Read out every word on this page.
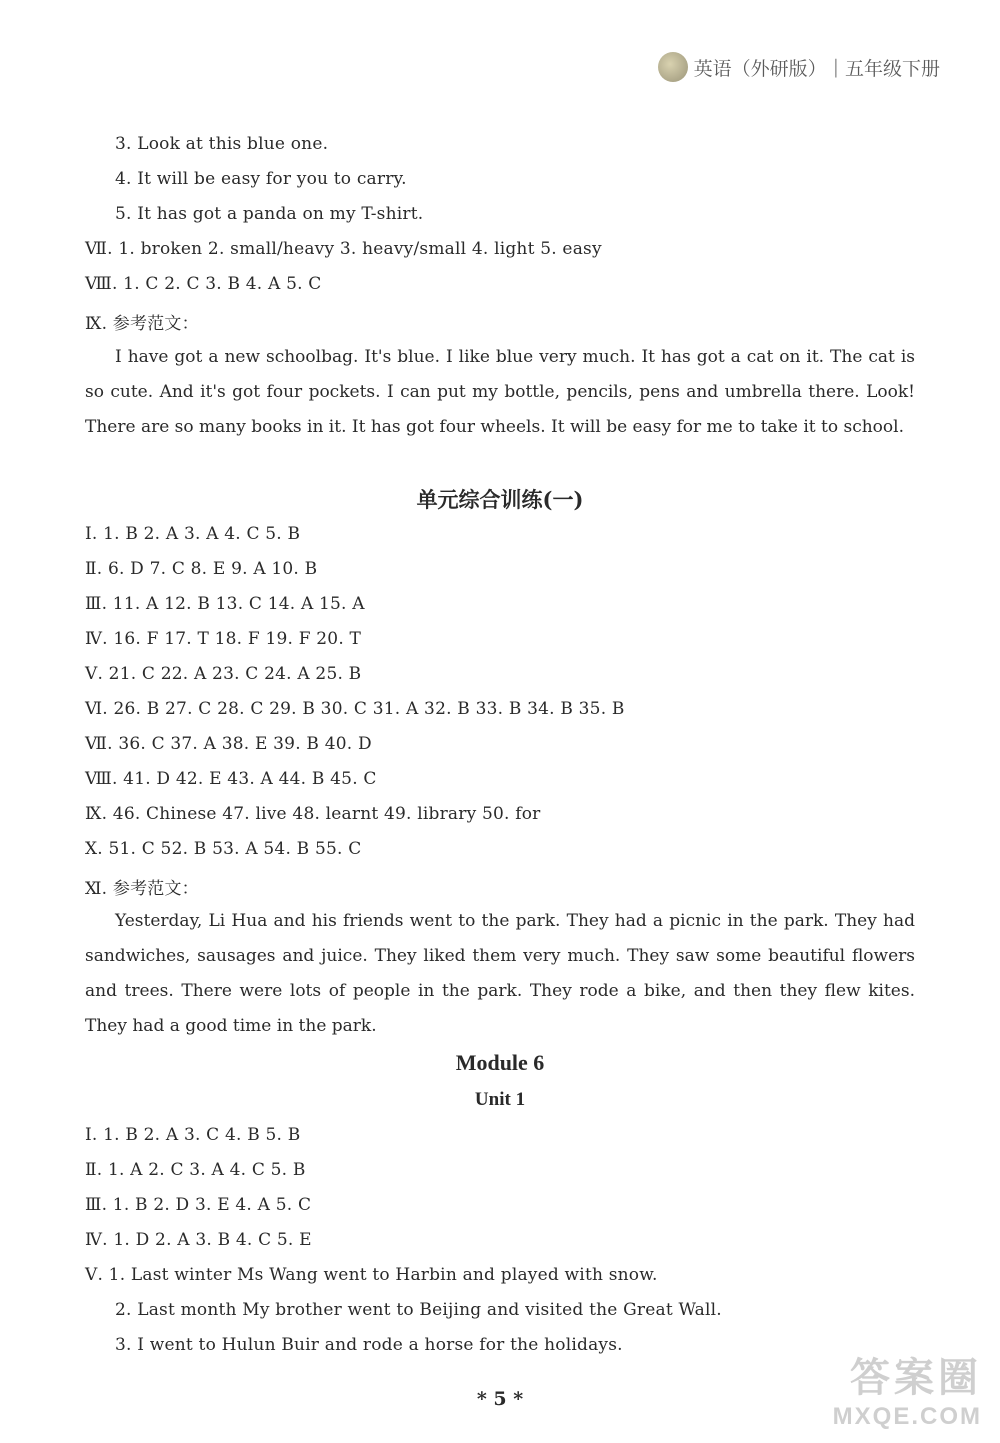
英语（外研版） | 五年级下册
3. Look at this blue one.
4. It will be easy for you to carry.
5. It has got a panda on my T-shirt.
Ⅶ. 1. broken 2. small/heavy 3. heavy/small 4. light 5. easy
Ⅷ. 1. C 2. C 3. B 4. A 5. C
Ⅸ. 参考范文：
I have got a new schoolbag. It's blue. I like blue very much. It has got a cat on it. The cat is so cute. And it's got four pockets. I can put my bottle, pencils, pens and umbrella there. Look! There are so many books in it. It has got four wheels. It will be easy for me to take it to school.
单元综合训练(一)
Ⅰ. 1. B 2. A 3. A 4. C 5. B
Ⅱ. 6. D 7. C 8. E 9. A 10. B
Ⅲ. 11. A 12. B 13. C 14. A 15. A
Ⅳ. 16. F 17. T 18. F 19. F 20. T
Ⅴ. 21. C 22. A 23. C 24. A 25. B
Ⅵ. 26. B 27. C 28. C 29. B 30. C 31. A 32. B 33. B 34. B 35. B
Ⅶ. 36. C 37. A 38. E 39. B 40. D
Ⅷ. 41. D 42. E 43. A 44. B 45. C
Ⅸ. 46. Chinese 47. live 48. learnt 49. library 50. for
Ⅹ. 51. C 52. B 53. A 54. B 55. C
Ⅺ. 参考范文：
Yesterday, Li Hua and his friends went to the park. They had a picnic in the park. They had sandwiches, sausages and juice. They liked them very much. They saw some beautiful flowers and trees. There were lots of people in the park. They rode a bike, and then they flew kites. They had a good time in the park.
Module 6
Unit 1
Ⅰ. 1. B 2. A 3. C 4. B 5. B
Ⅱ. 1. A 2. C 3. A 4. C 5. B
Ⅲ. 1. B 2. D 3. E 4. A 5. C
Ⅳ. 1. D 2. A 3. B 4. C 5. E
Ⅴ. 1. Last winter Ms Wang went to Harbin and played with snow.
2. Last month My brother went to Beijing and visited the Great Wall.
3. I went to Hulun Buir and rode a horse for the holidays.
* 5 *	答案圈
MXQE.COM
